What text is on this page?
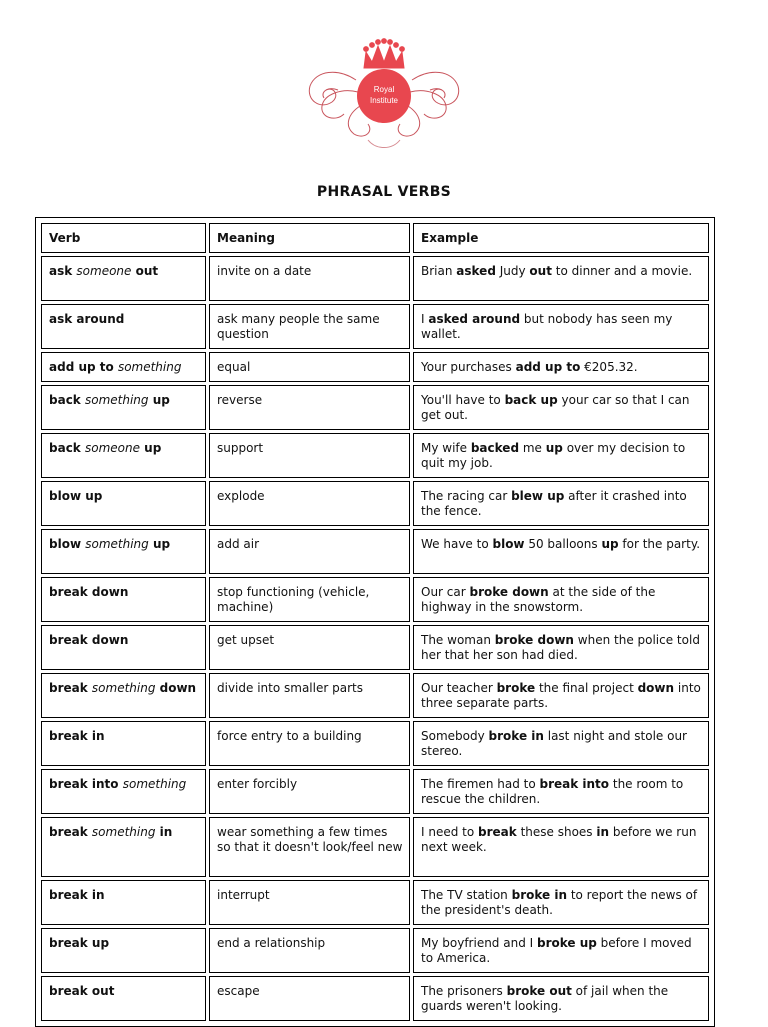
Royal
Institute
PHRASAL VERBS
Verb	Meaning	Example
ask someone out	invite on a date	Brian asked Judy out to dinner and a movie.
ask around	ask many people the same question	I asked around but nobody has seen my wallet.
add up to something	equal	Your purchases add up to €205.32.
back something up	reverse	You'll have to back up your car so that I can get out.
back someone up	support	My wife backed me up over my decision to quit my job.
blow up	explode	The racing car blew up after it crashed into the fence.
blow something up	add air	We have to blow 50 balloons up for the party.
break down	stop functioning (vehicle, machine)	Our car broke down at the side of the highway in the snowstorm.
break down	get upset	The woman broke down when the police told her that her son had died.
break something down	divide into smaller parts	Our teacher broke the final project down into three separate parts.
break in	force entry to a building	Somebody broke in last night and stole our stereo.
break into something	enter forcibly	The firemen had to break into the room to rescue the children.
break something in	wear something a few times so that it doesn't look/feel new	I need to break these shoes in before we run next week.
break in	interrupt	The TV station broke in to report the news of the president's death.
break up	end a relationship	My boyfriend and I broke up before I moved to America.
break out	escape	The prisoners broke out of jail when the guards weren't looking.
